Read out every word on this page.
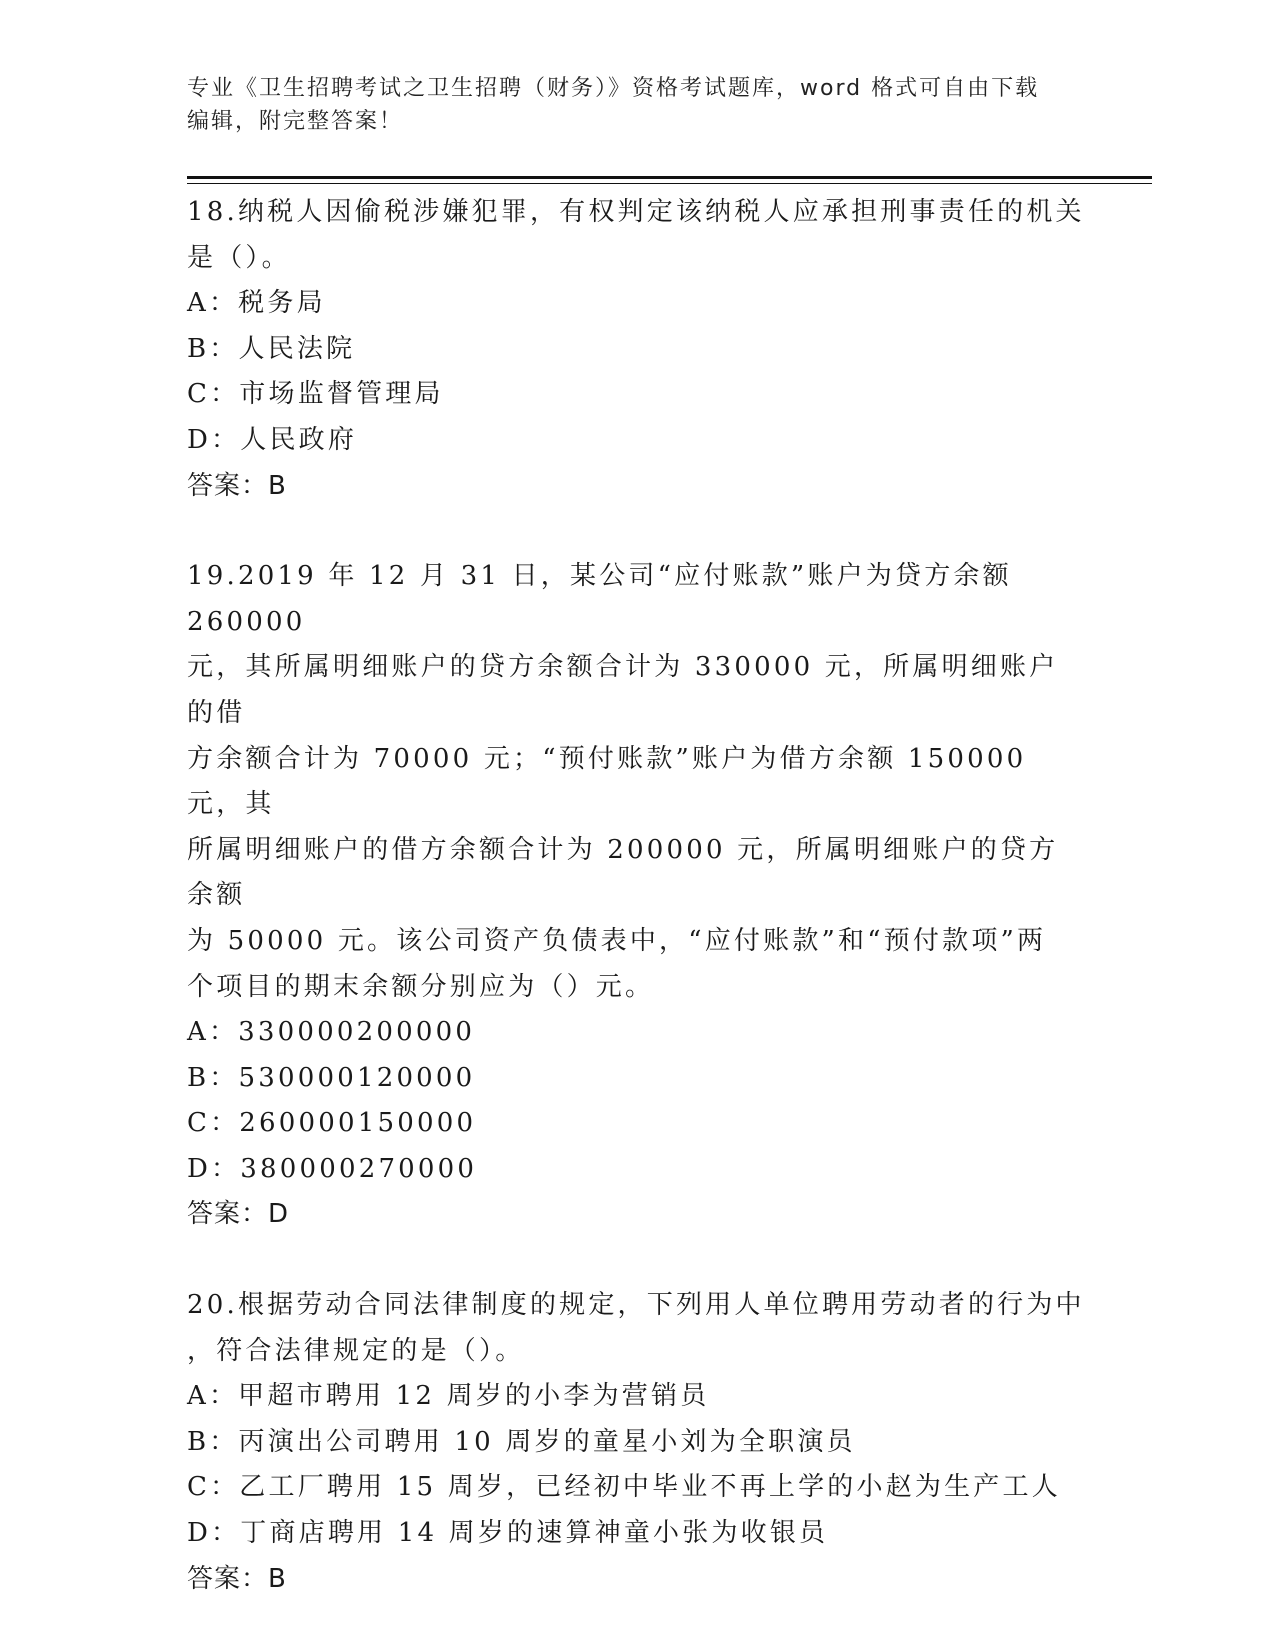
专业《卫生招聘考试之卫生招聘（财务）》资格考试题库，word 格式可自由下载
编辑，附完整答案！

18.纳税人因偷税涉嫌犯罪，有权判定该纳税人应承担刑事责任的机关

是（）。

A：税务局

B：人民法院

C：市场监督管理局

D：人民政府

答案：B

19.2019 年 12 月 31 日，某公司“应付账款”账户为贷方余额 260000

元，其所属明细账户的贷方余额合计为 330000 元，所属明细账户的借

方余额合计为 70000 元；“预付账款”账户为借方余额 150000 元，其

所属明细账户的借方余额合计为 200000 元，所属明细账户的贷方余额

为 50000 元。该公司资产负债表中，“应付账款”和“预付款项”两

个项目的期末余额分别应为（）元。

A：330000200000

B：530000120000

C：260000150000

D：380000270000

答案：D

20.根据劳动合同法律制度的规定，下列用人单位聘用劳动者的行为中

，符合法律规定的是（）。

A：甲超市聘用 12 周岁的小李为营销员

B：丙演出公司聘用 10 周岁的童星小刘为全职演员

C：乙工厂聘用 15 周岁，已经初中毕业不再上学的小赵为生产工人

D：丁商店聘用 14 周岁的速算神童小张为收银员

答案：B
